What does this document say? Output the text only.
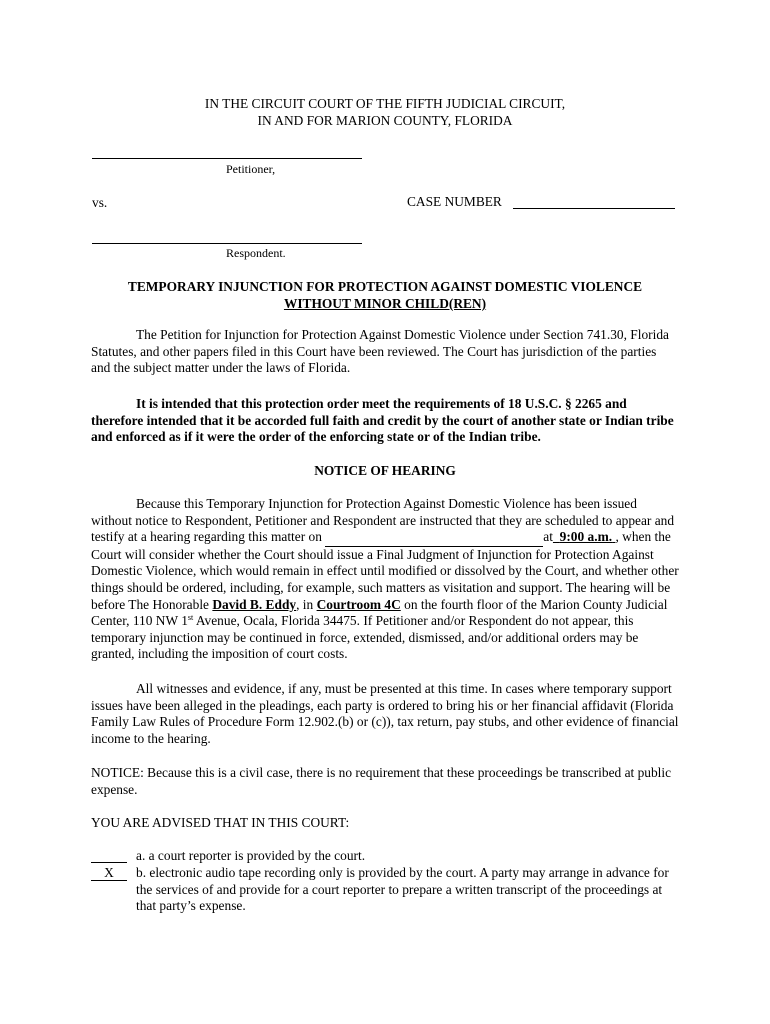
IN THE CIRCUIT COURT OF THE FIFTH JUDICIAL CIRCUIT,
IN AND FOR MARION COUNTY, FLORIDA
Petitioner,
vs.	CASE NUMBER
Respondent.
TEMPORARY INJUNCTION FOR PROTECTION AGAINST DOMESTIC VIOLENCE
WITHOUT MINOR CHILD(REN)

The Petition for Injunction for Protection Against Domestic Violence under Section 741.30, Florida Statutes, and other papers filed in this Court have been reviewed. The Court has jurisdiction of the parties and the subject matter under the laws of Florida.

It is intended that this protection order meet the requirements of 18 U.S.C. § 2265 and therefore intended that it be accorded full faith and credit by the court of another state or Indian tribe and enforced as if it were the order of the enforcing state or of the Indian tribe.

NOTICE OF HEARING

Because this Temporary Injunction for Protection Against Domestic Violence has been issued without notice to Respondent, Petitioner and Respondent are instructed that they are scheduled to appear and testify at a hearing regarding this matter on	at 9:00 a.m. , when the Court will consider whether the Court should issue a Final Judgment of Injunction for Protection Against Domestic Violence, which would remain in effect until modified or dissolved by the Court, and whether other things should be ordered, including, for example, such matters as visitation and support. The hearing will be before The Honorable David B. Eddy, in Courtroom 4C on the fourth floor of the Marion County Judicial Center, 110 NW 1st Avenue, Ocala, Florida 34475. If Petitioner and/or Respondent do not appear, this temporary injunction may be continued in force, extended, dismissed, and/or additional orders may be granted, including the imposition of court costs.

All witnesses and evidence, if any, must be presented at this time. In cases where temporary support issues have been alleged in the pleadings, each party is ordered to bring his or her financial affidavit (Florida Family Law Rules of Procedure Form 12.902.(b) or (c)), tax return, pay stubs, and other evidence of financial income to the hearing.

NOTICE: Because this is a civil case, there is no requirement that these proceedings be transcribed at public expense.

YOU ARE ADVISED THAT IN THIS COURT:

a. a court reporter is provided by the court.

X	b. electronic audio tape recording only is provided by the court. A party may arrange in advance for the services of and provide for a court reporter to prepare a written transcript of the proceedings at that party’s expense.
